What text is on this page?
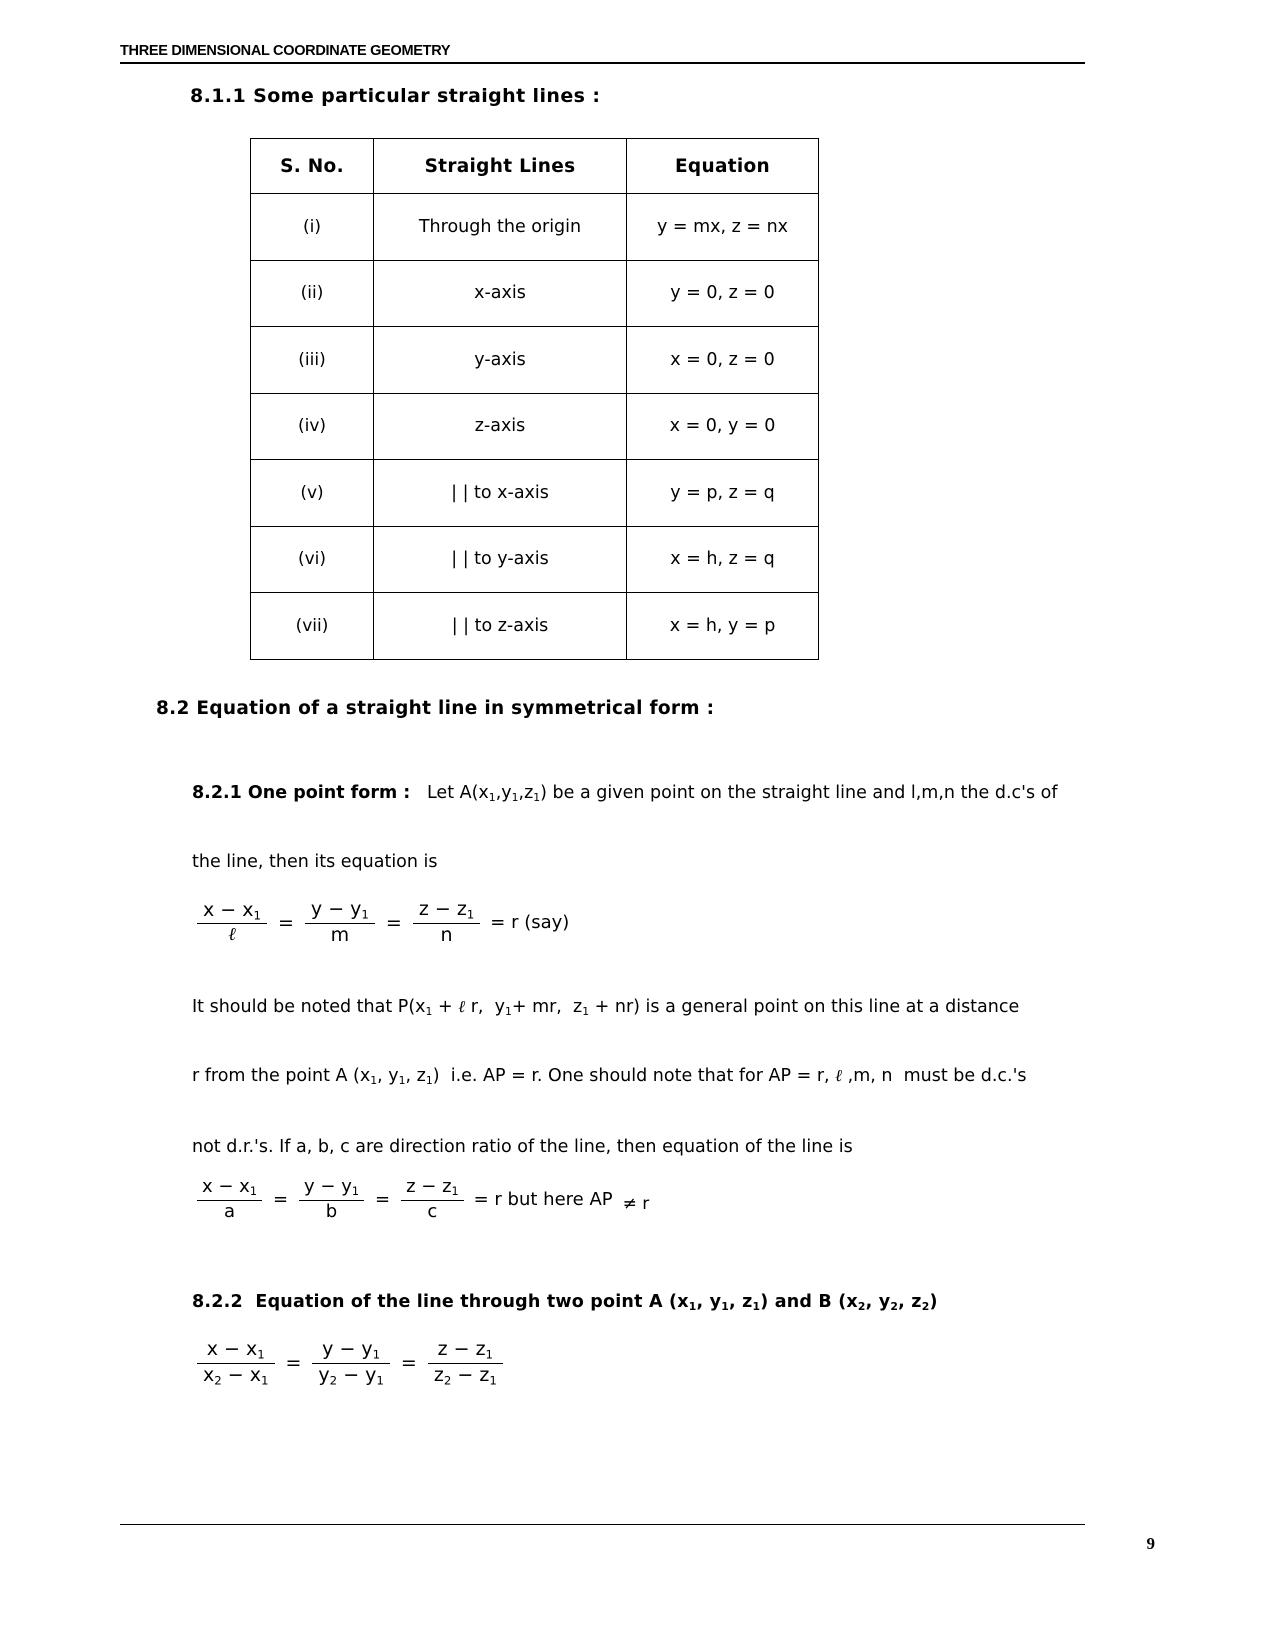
THREE DIMENSIONAL COORDINATE GEOMETRY
8.1.1 Some particular straight lines :
S. No.	Straight Lines	Equation
(i)	Through the origin	y = mx, z = nx
(ii)	x-axis	y = 0, z = 0
(iii)	y-axis	x = 0, z = 0
(iv)	z-axis	x = 0, y = 0
(v)	| | to x-axis	y = p, z = q
(vi)	| | to y-axis	x = h, z = q
(vii)	| | to z-axis	x = h, y = p
8.2 Equation of a straight line in symmetrical form :
8.2.1 One point form :   Let $A(x_1,y_1,z_1)$ be a given point on the straight line and l,m,n the d.c's of
the line, then its equation is
$\frac{x - x_1}{\text{ℓ}} = \frac{y - y_1}{m} = \frac{z - z_1}{n} = r$ (say)
It should be noted that $P(x_1$ + ℓ r,  $y_1+$ mr,  $z_1 + nr$) is a general point on this line at a distance
r from the point A ($x_1$, $y_1$, $z_1$)  i.e. AP = r. One should note that for AP = r, ℓ ,m, n  must be d.c.'s
not d.r.'s. If a, b, c are direction ratio of the line, then equation of the line is
$\frac{x - x_1}{a} = \frac{y - y_1}{b} = \frac{z - z_1}{c} = r$ but here AP ≠ r
8.2.2  Equation of the line through two point A ($x_1$, $y_1$, $z_1$) and B ($x_2$, $y_2$, $z_2$)
$\frac{x - x_1}{x_2 - x_1} = \frac{y - y_1}{y_2 - y_1} = \frac{z - z_1}{z_2 - z_1}$
9
